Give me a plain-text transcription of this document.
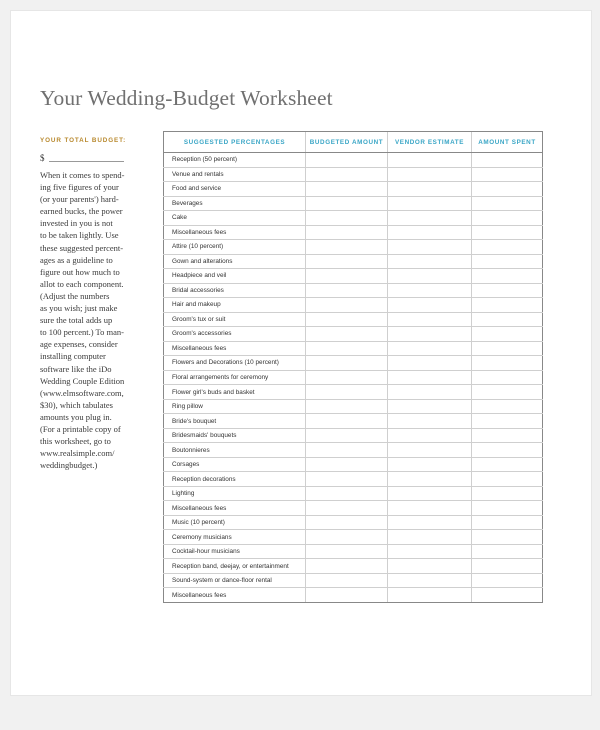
Your Wedding-Budget Worksheet
YOUR TOTAL BUDGET:
$
When it comes to spend-
ing five figures of your
(or your parents') hard-
earned bucks, the power
invested in you is not
to be taken lightly. Use
these suggested percent-
ages as a guideline to
figure out how much to
allot to each component.
(Adjust the numbers
as you wish; just make
sure the total adds up
to 100 percent.) To man-
age expenses, consider
installing computer
software like the iDo
Wedding Couple Edition
(www.elmsoftware.com,
$30), which tabulates
amounts you plug in.
(For a printable copy of
this worksheet, go to
www.realsimple.com/
weddingbudget.)
SUGGESTED PERCENTAGES	BUDGETED AMOUNT	VENDOR ESTIMATE	AMOUNT SPENT
Reception (50 percent)			
Venue and rentals			
Food and service			
Beverages			
Cake			
Miscellaneous fees			
Attire (10 percent)			
Gown and alterations			
Headpiece and veil			
Bridal accessories			
Hair and makeup			
Groom's tux or suit			
Groom's accessories			
Miscellaneous fees			
Flowers and Decorations (10 percent)			
Floral arrangements for ceremony			
Flower girl's buds and basket			
Ring pillow			
Bride's bouquet			
Bridesmaids' bouquets			
Boutonnieres			
Corsages			
Reception decorations			
Lighting			
Miscellaneous fees			
Music (10 percent)			
Ceremony musicians			
Cocktail-hour musicians			
Reception band, deejay, or entertainment			
Sound-system or dance-floor rental			
Miscellaneous fees			
